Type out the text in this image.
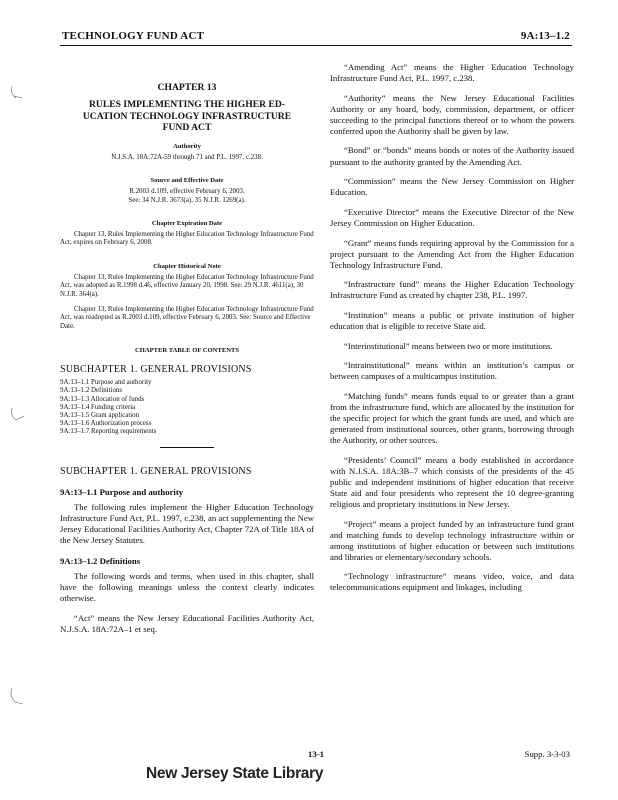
TECHNOLOGY FUND ACT	9A:13–1.2
CHAPTER 13
RULES IMPLEMENTING THE HIGHER EDUCATION TECHNOLOGY INFRASTRUCTURE FUND ACT
Authority
N.J.S.A. 18A:72A-59 through 71 and P.L. 1997, c.238.
Source and Effective Date
R.2003 d.109, effective February 6, 2003.
See: 34 N.J.R. 3673(a), 35 N.J.R. 1269(a).
Chapter Expiration Date
Chapter 13, Rules Implementing the Higher Education Technology Infrastructure Fund Act, expires on February 6, 2008.
Chapter Historical Note
Chapter 13, Rules Implementing the Higher Education Technology Infrastructure Fund Act, was adopted as R.1998 d.46, effective January 20, 1998. See: 29 N.J.R. 4611(a), 30 N.J.R. 364(a).
Chapter 13, Rules Implementing the Higher Education Technology Infrastructure Fund Act, was readopted as R.2003 d.109, effective February 6, 2003. See: Source and Effective Date.
CHAPTER TABLE OF CONTENTS
SUBCHAPTER 1. GENERAL PROVISIONS
9A:13–1.1 Purpose and authority
9A:13–1.2 Definitions
9A:13–1.3 Allocation of funds
9A:13–1.4 Funding criteria
9A:13–1.5 Grant application
9A:13–1.6 Authorization process
9A:13–1.7 Reporting requirements
SUBCHAPTER 1. GENERAL PROVISIONS
9A:13–1.1 Purpose and authority
The following rules implement the Higher Education Technology Infrastructure Fund Act, P.L. 1997, c.238, an act supplementing the New Jersey Educational Facilities Authority Act, Chapter 72A of Title 18A of the New Jersey Statutes.
9A:13–1.2 Definitions
The following words and terms, when used in this chapter, shall have the following meanings unless the context clearly indicates otherwise.
“Act” means the New Jersey Educational Facilities Authority Act, N.J.S.A. 18A:72A–1 et seq.
“Amending Act” means the Higher Education Technology Infrastructure Fund Act, P.L. 1997, c.238.
“Authority” means the New Jersey Educational Facilities Authority or any board, body, commission, department, or officer succeeding to the principal functions thereof or to whom the powers conferred upon the Authority shall be given by law.
“Bond” or “bonds” means bonds or notes of the Authority issued pursuant to the authority granted by the Amending Act.
“Commission” means the New Jersey Commission on Higher Education.
“Executive Director” means the Executive Director of the New Jersey Commission on Higher Education.
“Grant” means funds requiring approval by the Commission for a project pursuant to the Amending Act from the Higher Education Technology Infrastructure Fund.
“Infrastructure fund” means the Higher Education Technology Infrastructure Fund as created by chapter 238, P.L. 1997.
“Institution” means a public or private institution of higher education that is eligible to receive State aid.
“Interinstitutional” means between two or more institutions.
“Intrainstitutional” means within an institution’s campus or between campuses of a multicampus institution.
“Matching funds” means funds equal to or greater than a grant from the infrastructure fund, which are allocated by the institution for the specific project for which the grant funds are used, and which are generated from institutional sources, other grants, borrowing through the Authority, or other sources.
“Presidents’ Council” means a body established in accordance with N.J.S.A. 18A:3B–7 which consists of the presidents of the 45 public and independent institutions of higher education that receive State aid and four presidents who represent the 10 degree-granting religious and proprietary institutions in New Jersey.
“Project” means a project funded by an infrastructure fund grant and matching funds to develop technology infrastructure within or among institutions of higher education or between such institutions and libraries or elementary/secondary schools.
“Technology infrastructure” means video, voice, and data telecommunications equipment and linkages, including
13-1	Supp. 3-3-03
New Jersey State Library
